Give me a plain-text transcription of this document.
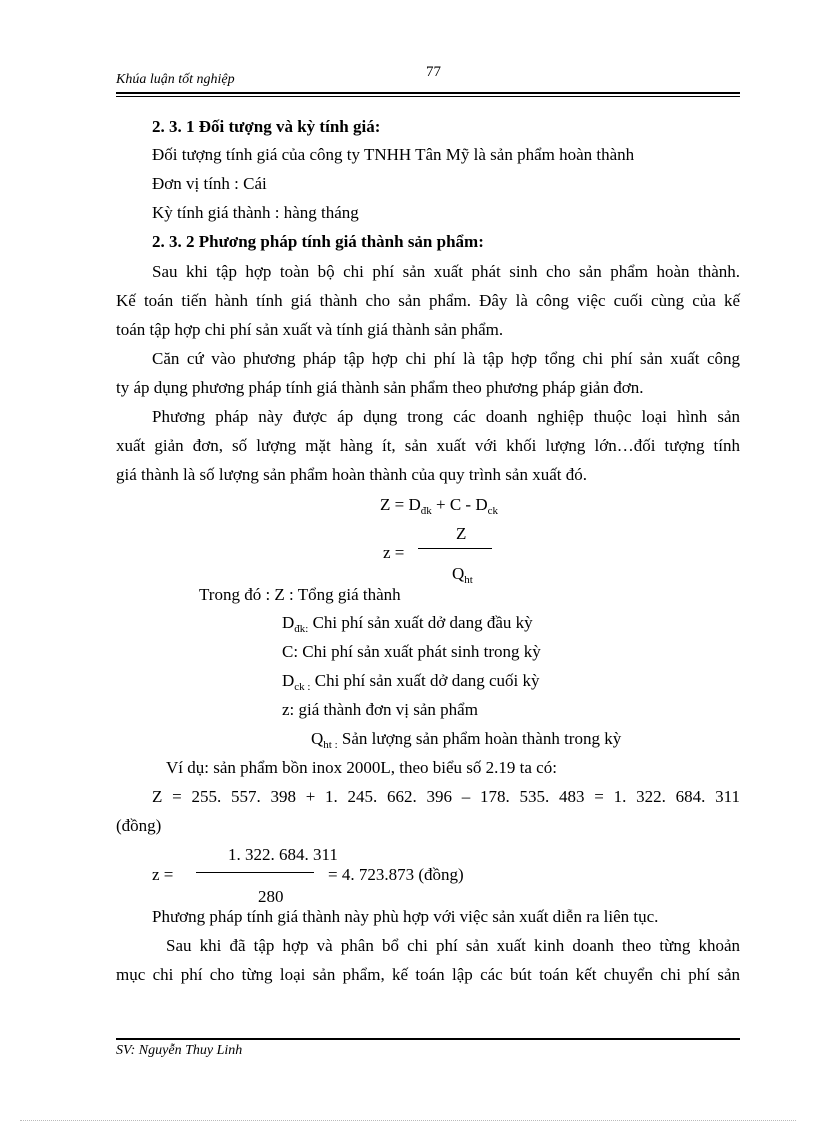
Khúa luận tốt nghiệp	77
2. 3. 1 Đối tượng và kỳ tính giá:
Đối tượng tính giá của công ty TNHH Tân Mỹ là sản phẩm hoàn thành
Đơn vị tính : Cái
Kỳ tính giá thành : hàng tháng
2. 3. 2 Phương pháp tính giá thành sản phẩm:
Sau khi tập hợp toàn bộ chi phí sản xuất phát sinh cho sản phẩm hoàn thành.
Kế toán tiến hành tính giá thành cho sản phẩm. Đây là công việc cuối cùng của kế
toán tập hợp chi phí sản xuất và tính giá thành sản phẩm.
Căn cứ vào phương pháp tập hợp chi phí là tập hợp tổng chi phí sản xuất công
ty áp dụng phương pháp tính giá thành sản phẩm theo phương pháp giản đơn.
Phương pháp này được áp dụng trong các doanh nghiệp thuộc loại hình sản
xuất giản đơn, số lượng mặt hàng ít, sản xuất với khối lượng lớn…đối tượng tính
giá thành là số lượng sản phẩm hoàn thành của quy trình sản xuất đó.
$Z = D_{đk} + C - D_{ck}$
Z
z =
$Q_{ht}$
Trong đó : Z : Tổng giá thành
$D_{đk:}$ Chi phí sản xuất dở dang đầu kỳ
C: Chi phí sản xuất phát sinh trong kỳ
$D_{ck :}$ Chi phí sản xuất dở dang cuối kỳ
z: giá thành đơn vị sản phẩm
$Q_{ht :}$ Sản lượng sản phẩm hoàn thành trong kỳ
Ví dụ: sản phẩm bồn inox 2000L, theo biểu số 2.19 ta có:
Z = 255. 557. 398 + 1. 245. 662. 396 – 178. 535. 483 = 1. 322. 684. 311
(đồng)
1. 322. 684. 311
z =	= 4. 723.873 (đồng)
280
Phương pháp tính giá thành này phù hợp với việc sản xuất diễn ra liên tục.
Sau khi đã tập hợp và phân bổ chi phí sản xuất kinh doanh theo từng khoản
mục chi phí cho từng loại sản phẩm, kế toán lập các bút toán kết chuyển chi phí sản
SV: Nguyễn Thuy Linh
